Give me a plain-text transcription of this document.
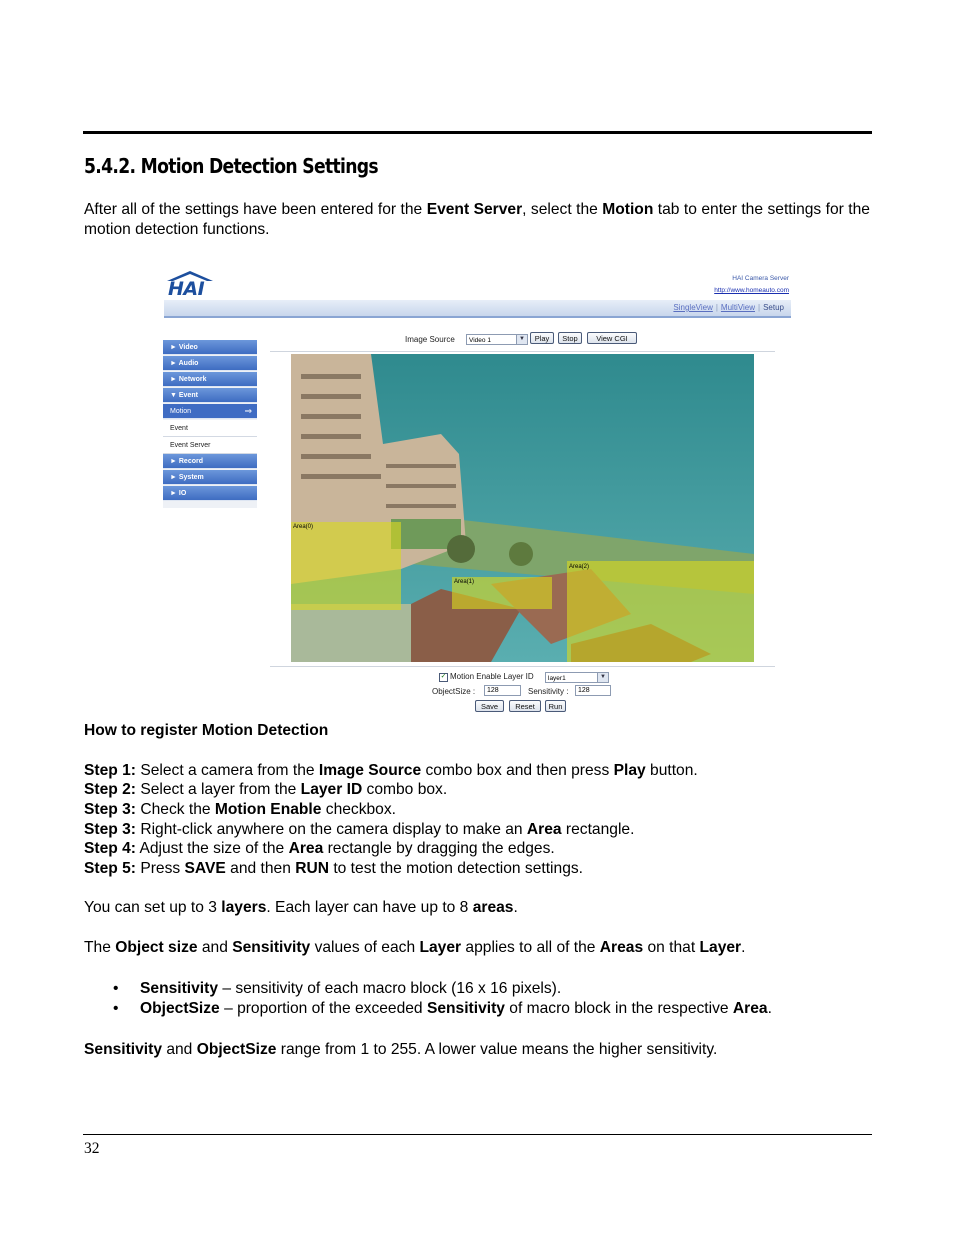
5.4.2. Motion Detection Settings
After all of the settings have been entered for the Event Server, select the Motion tab to enter the settings for the motion detection functions.
HAI	HAI Camera Server
http://www.homeauto.com
SingleView | MultiView | Setup
► Video
► Audio
► Network
▼ Event
Motion	⇒
Event
Event Server
► Record
► System
► IO
Image Source	Video 1	▼	Play	Stop	View CGI
Area(0)
Area(1)
Area(2)
✓ Motion Enable Layer ID	layer1	▼
ObjectSize :	128	Sensitivity :	128
Save	Reset	Run
How to register Motion Detection
Step 1: Select a camera from the Image Source combo box and then press Play button.
Step 2: Select a layer from the Layer ID combo box.
Step 3: Check the Motion Enable checkbox.
Step 3: Right-click anywhere on the camera display to make an Area rectangle.
Step 4: Adjust the size of the Area rectangle by dragging the edges.
Step 5: Press SAVE and then RUN to test the motion detection settings.
You can set up to 3 layers. Each layer can have up to 8 areas.
The Object size and Sensitivity values of each Layer applies to all of the Areas on that Layer.
• Sensitivity – sensitivity of each macro block (16 x 16 pixels).
• ObjectSize – proportion of the exceeded Sensitivity of macro block in the respective Area.
Sensitivity and ObjectSize range from 1 to 255. A lower value means the higher sensitivity.
32
